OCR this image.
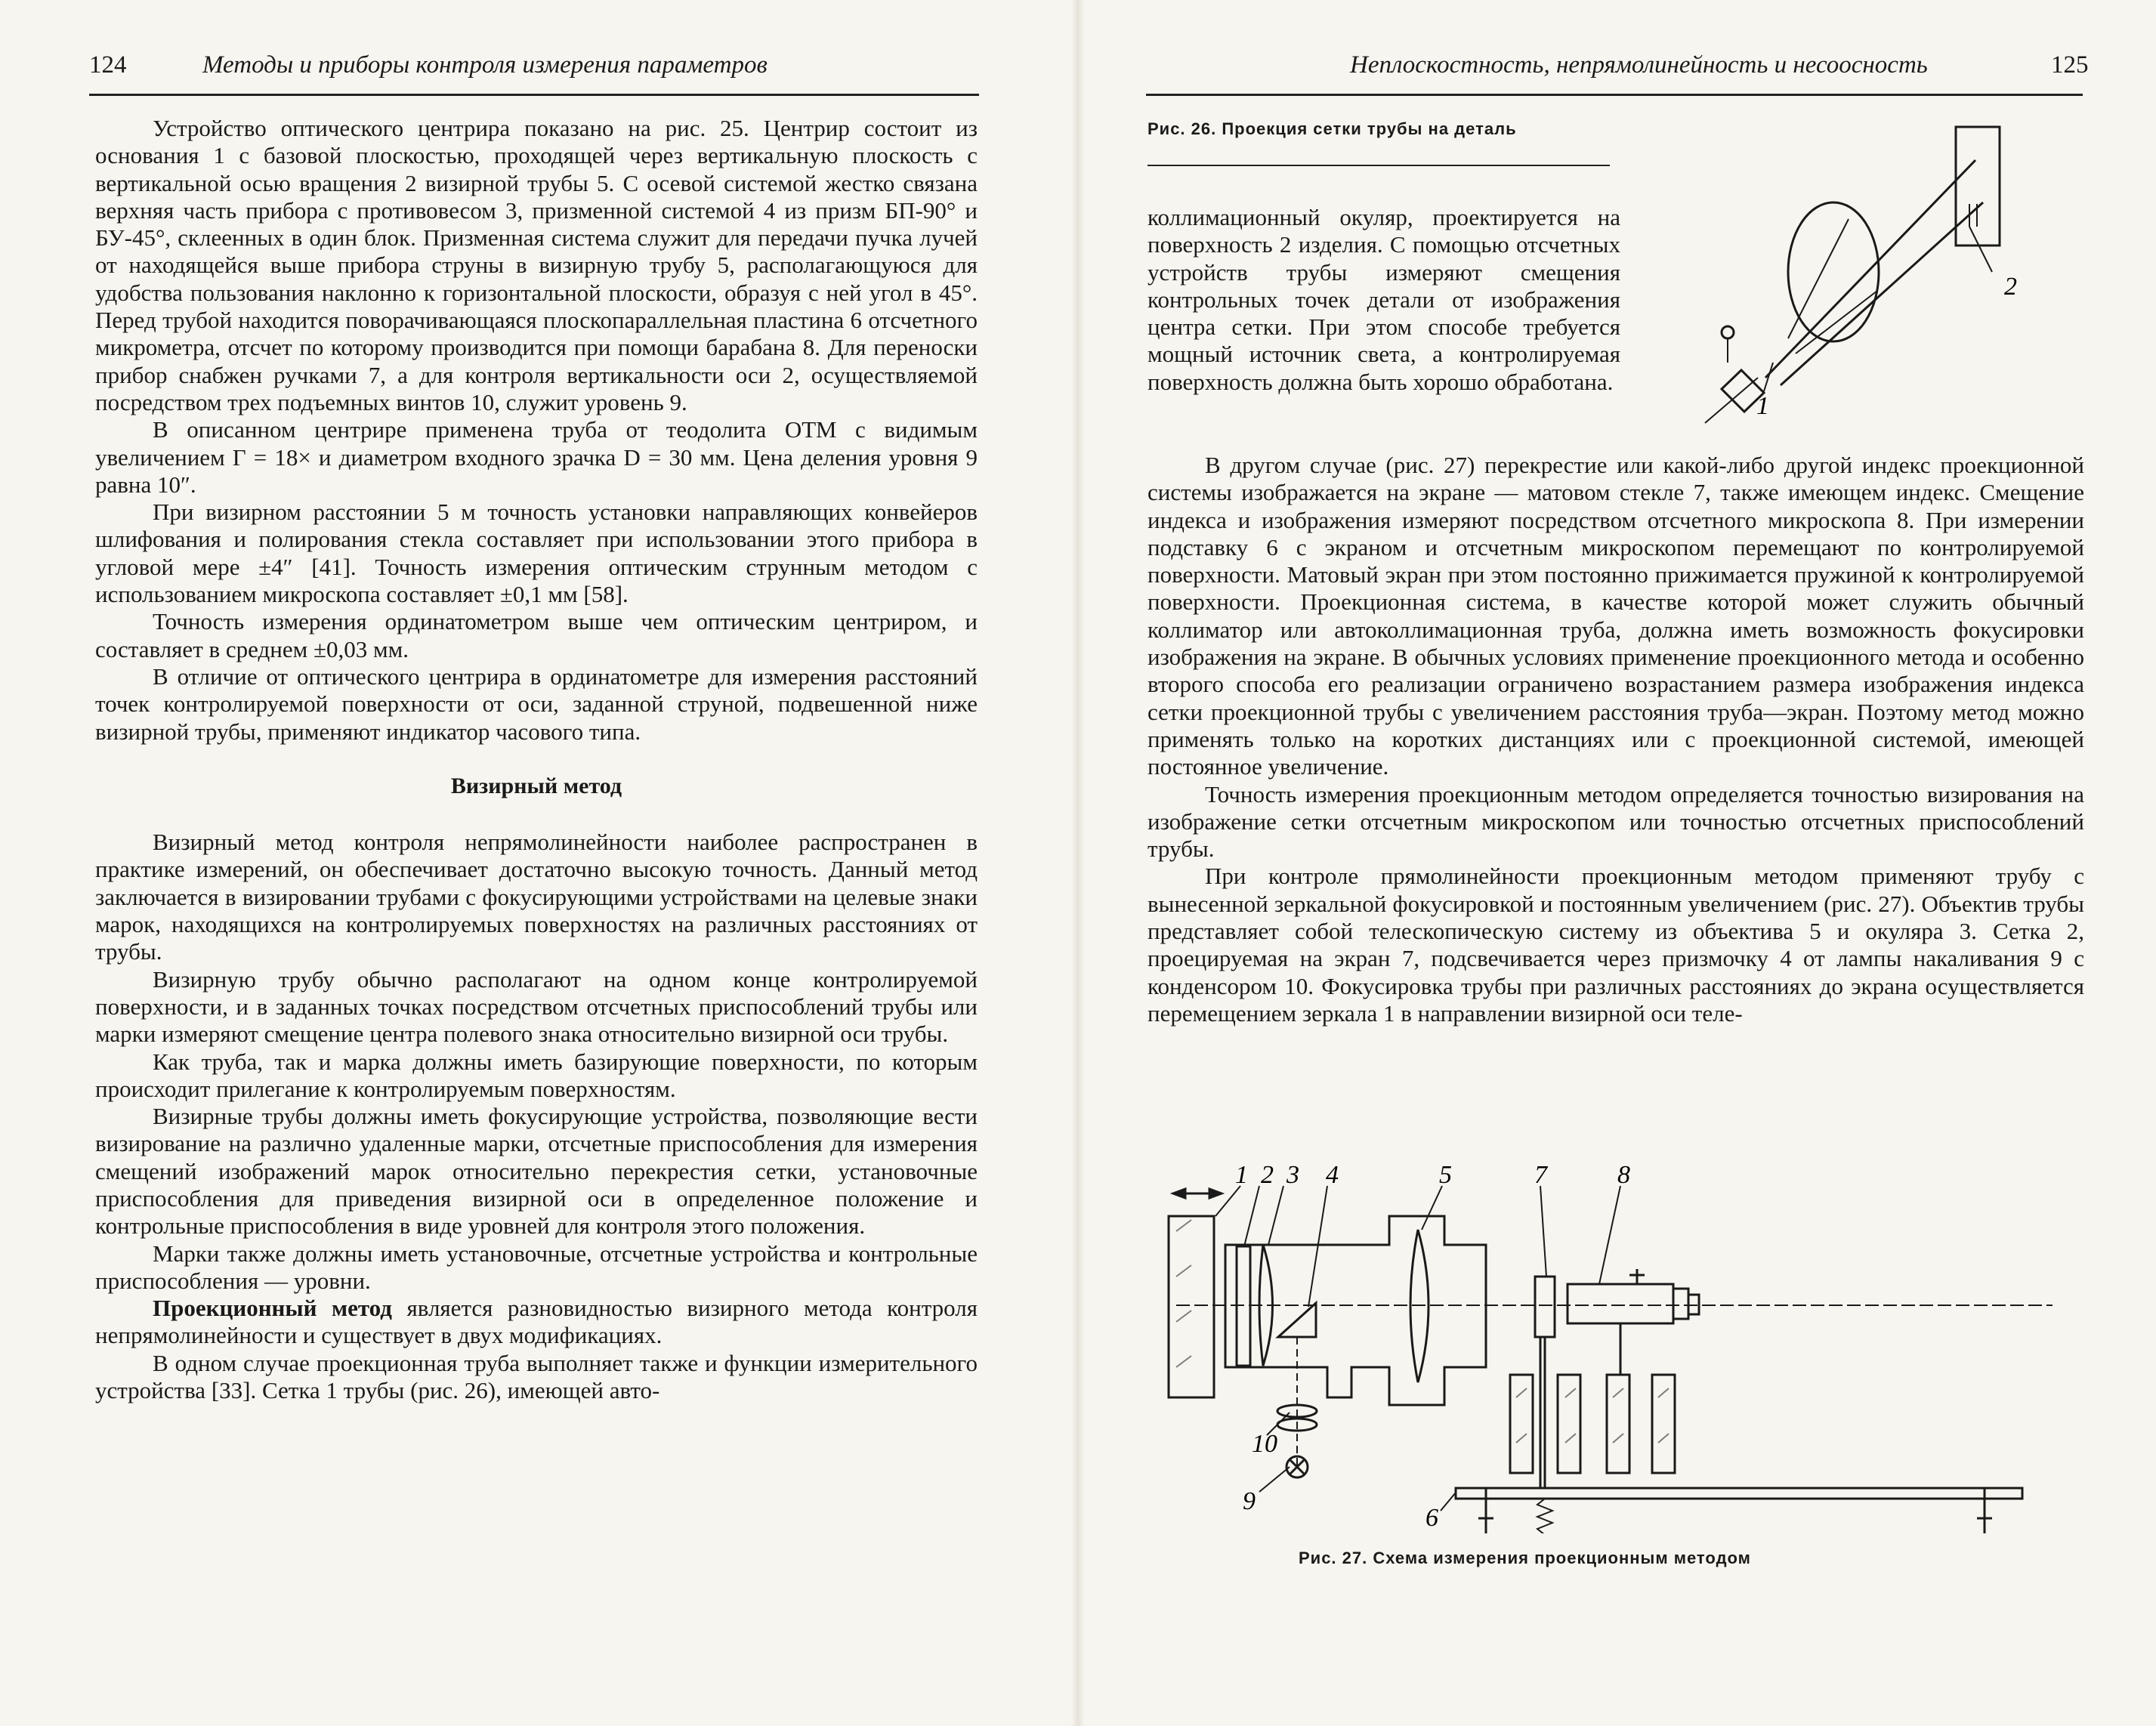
124	Методы и приборы контроля измерения параметров

Устройство оптического центрира показано на рис. 25. Центрир состоит из основания 1 с базовой плоскостью, проходящей через вертикальную плоскость с вертикальной осью вращения 2 визирной трубы 5. С осевой системой жестко связана верхняя часть прибора с противовесом 3, призменной системой 4 из призм БП-90° и БУ-45°, склеенных в один блок. Призменная система служит для передачи пучка лучей от находящейся выше прибора струны в визирную трубу 5, располагающуюся для удобства пользования наклонно к горизонтальной плоскости, образуя с ней угол в 45°. Перед трубой находится поворачивающаяся плоскопараллельная пластина 6 отсчетного микрометра, отсчет по которому производится при помощи барабана 8. Для переноски прибор снабжен ручками 7, а для контроля вертикальности оси 2, осуществляемой посредством трех подъемных винтов 10, служит уровень 9.

В описанном центрире применена труба от теодолита ОТМ с видимым увеличением Г = 18× и диаметром входного зрачка D = 30 мм. Цена деления уровня 9 равна 10″.

При визирном расстоянии 5 м точность установки направляющих конвейеров шлифования и полирования стекла составляет при использовании этого прибора в угловой мере ±4″ [41]. Точность измерения оптическим струнным методом с использованием микроскопа составляет ±0,1 мм [58].

Точность измерения ординатометром выше чем оптическим центриром, и составляет в среднем ±0,03 мм.

В отличие от оптического центрира в ординатометре для измерения расстояний точек контролируемой поверхности от оси, заданной струной, подвешенной ниже визирной трубы, применяют индикатор часового типа.

Визирный метод

Визирный метод контроля непрямолинейности наиболее распространен в практике измерений, он обеспечивает достаточно высокую точность. Данный метод заключается в визировании трубами с фокусирующими устройствами на целевые знаки марок, находящихся на контролируемых поверхностях на различных расстояниях от трубы.

Визирную трубу обычно располагают на одном конце контролируемой поверхности, и в заданных точках посредством отсчетных приспособлений трубы или марки измеряют смещение центра полевого знака относительно визирной оси трубы.

Как труба, так и марка должны иметь базирующие поверхности, по которым происходит прилегание к контролируемым поверхностям.

Визирные трубы должны иметь фокусирующие устройства, позволяющие вести визирование на различно удаленные марки, отсчетные приспособления для измерения смещений изображений марок относительно перекрестия сетки, установочные приспособления для приведения визирной оси в определенное положение и контрольные приспособления в виде уровней для контроля этого положения.

Марки также должны иметь установочные, отсчетные устройства и контрольные приспособления — уровни.

Проекционный метод является разновидностью визирного метода контроля непрямолинейности и существует в двух модификациях.

В одном случае проекционная труба выполняет также и функции измерительного устройства [33]. Сетка 1 трубы (рис. 26), имеющей авто-

Неплоскостность, непрямолинейность и несоосность	125
Рис. 26. Проекция сетки трубы на деталь
2
1

коллимационный окуляр, проектируется на поверхность 2 изделия. С помощью отсчетных устройств трубы измеряют смещения контрольных точек детали от изображения центра сетки. При этом способе требуется мощный источник света, а контролируемая поверхность должна быть хорошо обработана.

В другом случае (рис. 27) перекрестие или какой-либо другой индекс проекционной системы изображается на экране — матовом стекле 7, также имеющем индекс. Смещение индекса и изображения измеряют посредством отсчетного микроскопа 8. При измерении подставку 6 с экраном и отсчетным микроскопом перемещают по контролируемой поверхности. Матовый экран при этом постоянно прижимается пружиной к контролируемой поверхности. Проекционная система, в качестве которой может служить обычный коллиматор или автоколлимационная труба, должна иметь возможность фокусировки изображения на экране. В обычных условиях применение проекционного метода и особенно второго способа его реализации ограничено возрастанием размера изображения индекса сетки проекционной трубы с увеличением расстояния труба—экран. Поэтому метод можно применять только на коротких дистанциях или с проекционной системой, имеющей постоянное увеличение.

Точность измерения проекционным методом определяется точностью визирования на изображение сетки отсчетным микроскопом или точностью отсчетных приспособлений трубы.

При контроле прямолинейности проекционным методом применяют трубу с вынесенной зеркальной фокусировкой и постоянным увеличением (рис. 27). Объектив трубы представляет собой телескопическую систему из объектива 5 и окуляра 3. Сетка 2, проецируемая на экран 7, подсвечивается через призмочку 4 от лампы накаливания 9 с конденсором 10. Фокусировка трубы при различных расстояниях до экрана осуществляется перемещением зеркала 1 в направлении визирной оси теле-

1 2 3 4	5	7	8
10
9
6
Рис. 27. Схема измерения проекционным методом
